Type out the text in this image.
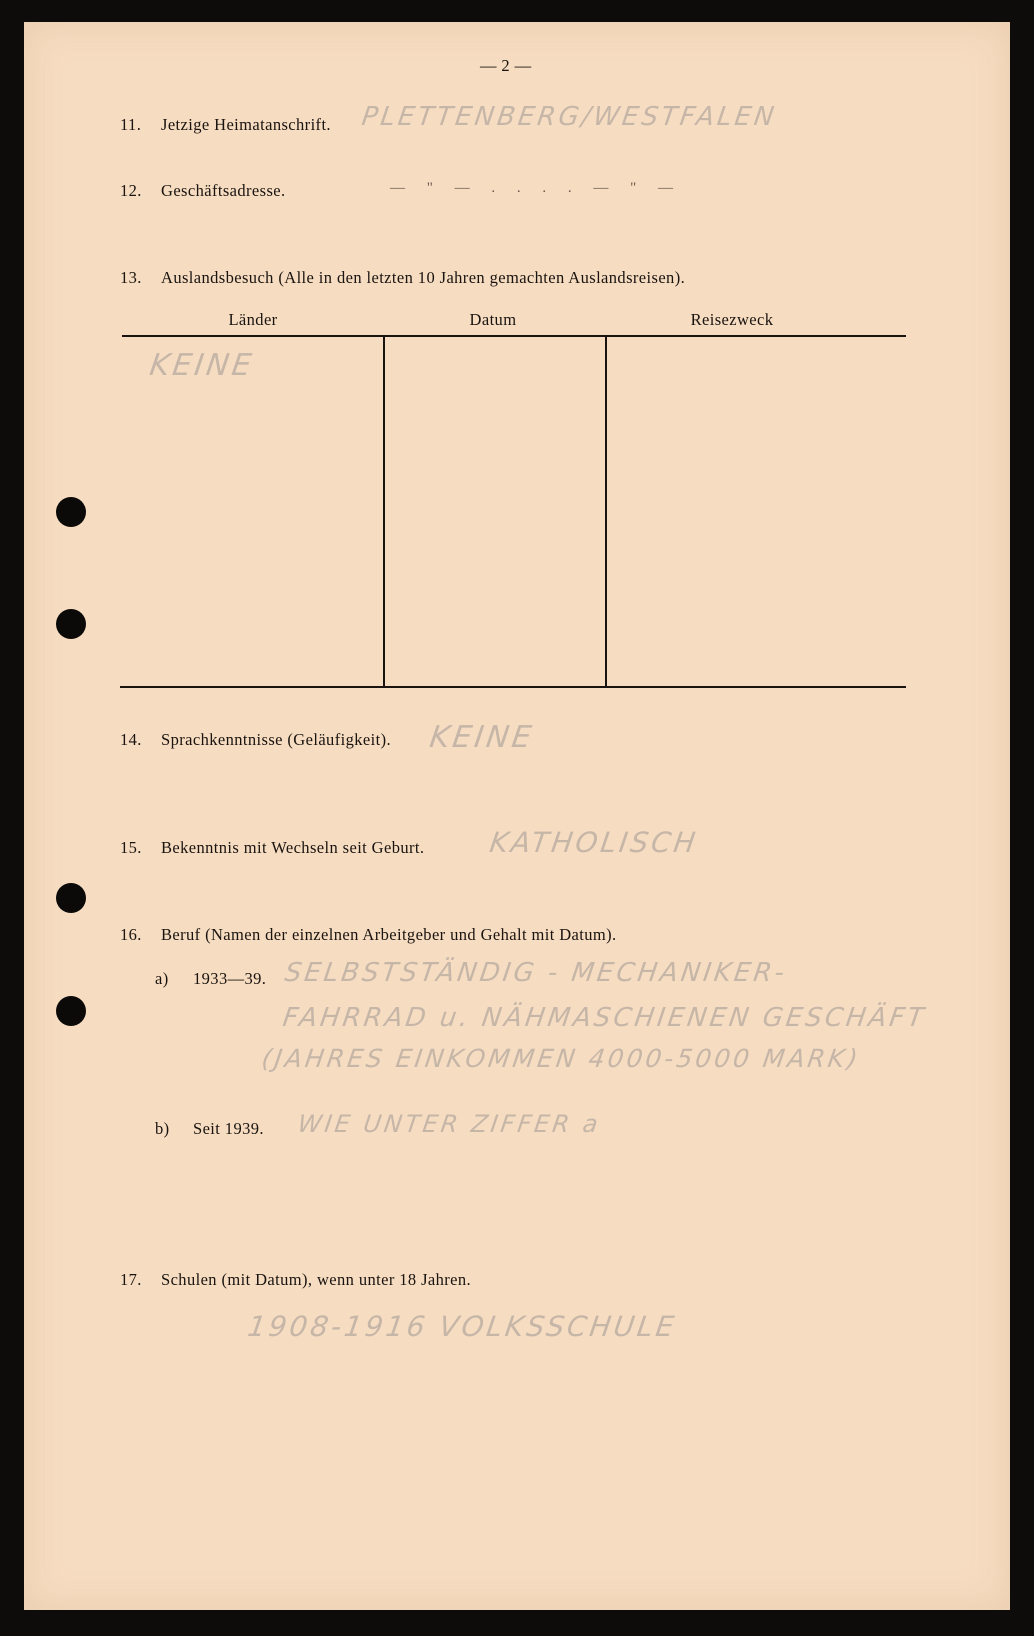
— 2 —
11. Jetzige Heimatanschrift. PLETTENBERG/WESTFALEN
12. Geschäftsadresse.	— " — . . . . — " —
13. Auslandsbesuch (Alle in den letzten 10 Jahren gemachten Auslandsreisen).
Länder	Datum	Reisezweck
KEINE
14. Sprachkenntnisse (Geläufigkeit). KEINE
15. Bekenntnis mit Wechseln seit Geburt. KATHOLISCH
16. Beruf (Namen der einzelnen Arbeitgeber und Gehalt mit Datum).
a) 1933—39. SELBSTSTÄNDIG - MECHANIKER-
FAHRRAD u. NÄHMASCHIENEN GESCHÄFT
(JAHRES EINKOMMEN 4000-5000 MARK)
b) Seit 1939. WIE UNTER ZIFFER a
17. Schulen (mit Datum), wenn unter 18 Jahren.
1908-1916 VOLKSSCHULE
